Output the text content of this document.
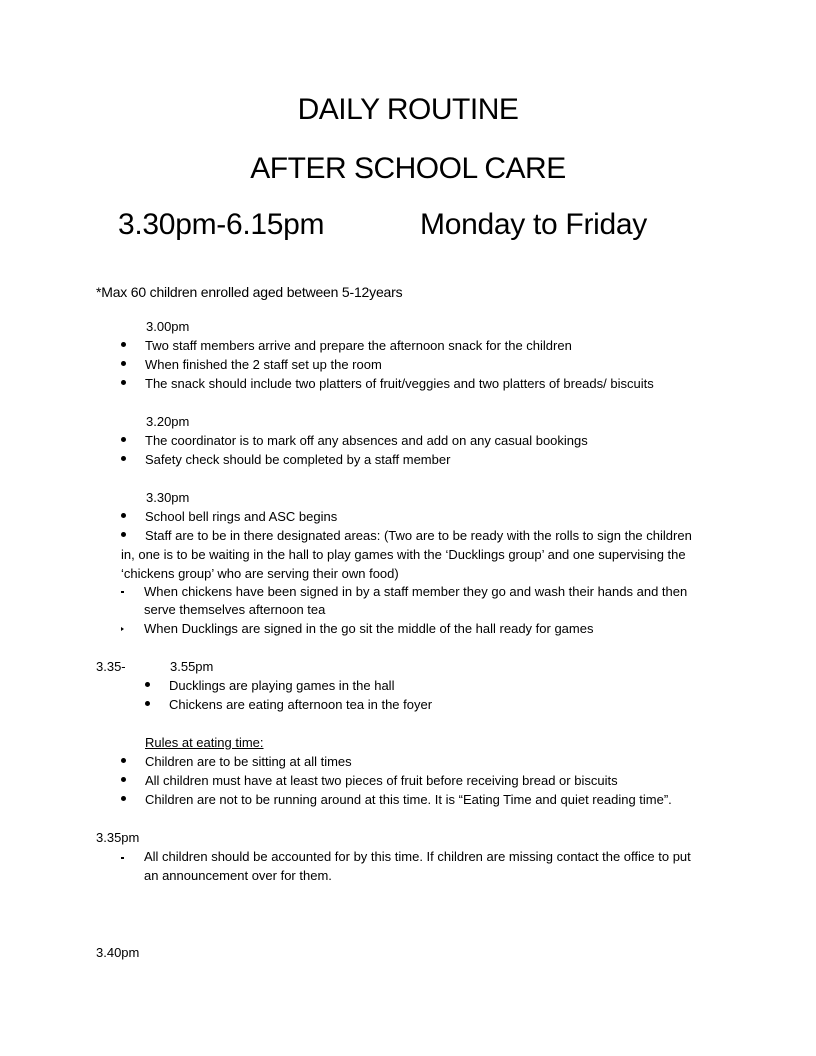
DAILY ROUTINE
AFTER SCHOOL CARE
3.30pm-6.15pm	Monday to Friday
*Max 60 children enrolled aged between 5-12years
3.00pm
Two staff members arrive and prepare the afternoon snack for the children
When finished the 2 staff set up the room
The snack should include two platters of fruit/veggies and two platters of breads/ biscuits
3.20pm
The coordinator is to mark off any absences and add on any casual bookings
Safety check should be completed by a staff member
3.30pm
School bell rings and ASC begins
Staff are to be in there designated areas: (Two are to be ready with the rolls to sign the children
in, one is to be waiting in the hall to play games with the ‘Ducklings group’ and one supervising the
‘chickens group’ who are serving their own food)
When chickens have been signed in by a staff member they go and wash their hands and then
serve themselves afternoon tea
When Ducklings are signed in the go sit the middle of the hall ready for games
3.35-	3.55pm
Ducklings are playing games in the hall
Chickens are eating afternoon tea in the foyer
Rules at eating time:
Children are to be sitting at all times
All children must have at least two pieces of fruit before receiving bread or biscuits
Children are not to be running around at this time. It is “Eating Time and quiet reading time”.
3.35pm
All children should be accounted for by this time. If children are missing contact the office to put
an announcement over for them.
3.40pm
